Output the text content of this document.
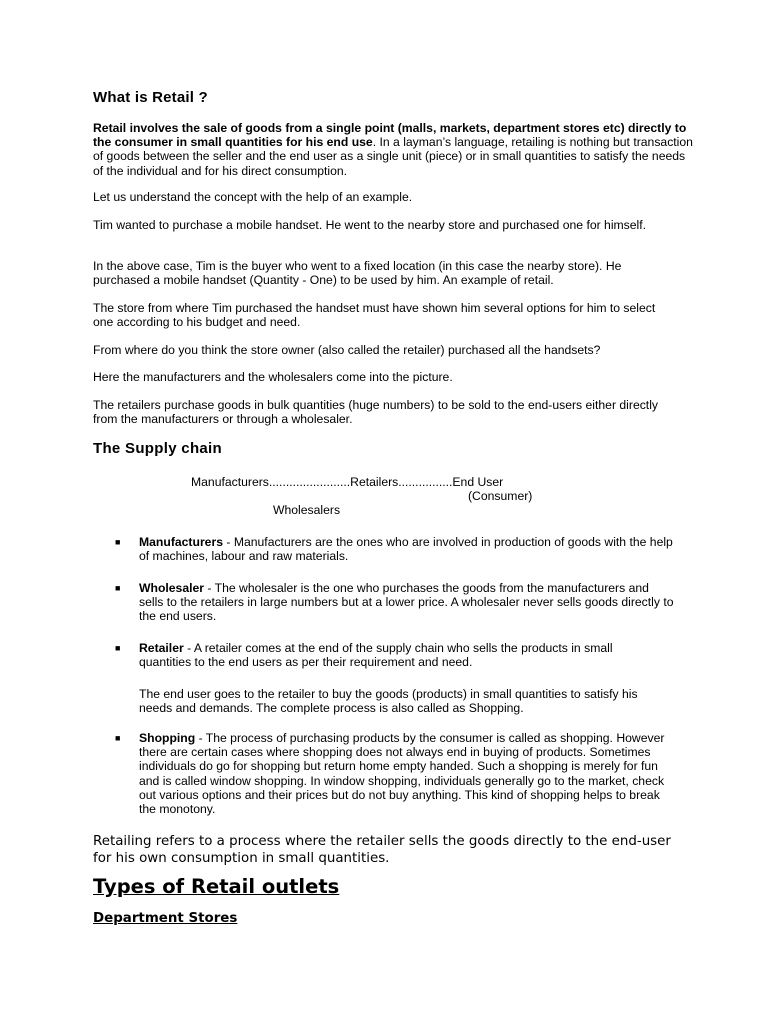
What is Retail ?

Retail involves the sale of goods from a single point (malls, markets, department stores etc) directly to the consumer in small quantities for his end use. In a layman’s language, retailing is nothing but transaction of goods between the seller and the end user as a single unit (piece) or in small quantities to satisfy the needs of the individual and for his direct consumption.

Let us understand the concept with the help of an example.

Tim wanted to purchase a mobile handset. He went to the nearby store and purchased one for himself.

In the above case, Tim is the buyer who went to a fixed location (in this case the nearby store). He purchased a mobile handset (Quantity - One) to be used by him. An example of retail.

The store from where Tim purchased the handset must have shown him several options for him to select one according to his budget and need.

From where do you think the store owner (also called the retailer) purchased all the handsets?

Here the manufacturers and the wholesalers come into the picture.

The retailers purchase goods in bulk quantities (huge numbers) to be sold to the end-users either directly from the manufacturers or through a wholesaler.

The Supply chain
Manufacturers........................Retailers................End User
(Consumer)
Wholesalers
■ Manufacturers - Manufacturers are the ones who are involved in production of goods with the help of machines, labour and raw materials.

■ Wholesaler - The wholesaler is the one who purchases the goods from the manufacturers and sells to the retailers in large numbers but at a lower price. A wholesaler never sells goods directly to the end users.

■ Retailer - A retailer comes at the end of the supply chain who sells the products in small quantities to the end users as per their requirement and need.

The end user goes to the retailer to buy the goods (products) in small quantities to satisfy his needs and demands. The complete process is also called as Shopping.

■ Shopping - The process of purchasing products by the consumer is called as shopping. However there are certain cases where shopping does not always end in buying of products. Sometimes individuals do go for shopping but return home empty handed. Such a shopping is merely for fun and is called window shopping. In window shopping, individuals generally go to the market, check out various options and their prices but do not buy anything. This kind of shopping helps to break the monotony.

Retailing refers to a process where the retailer sells the goods directly to the end-user for his own consumption in small quantities.

Types of Retail outlets
Department Stores
